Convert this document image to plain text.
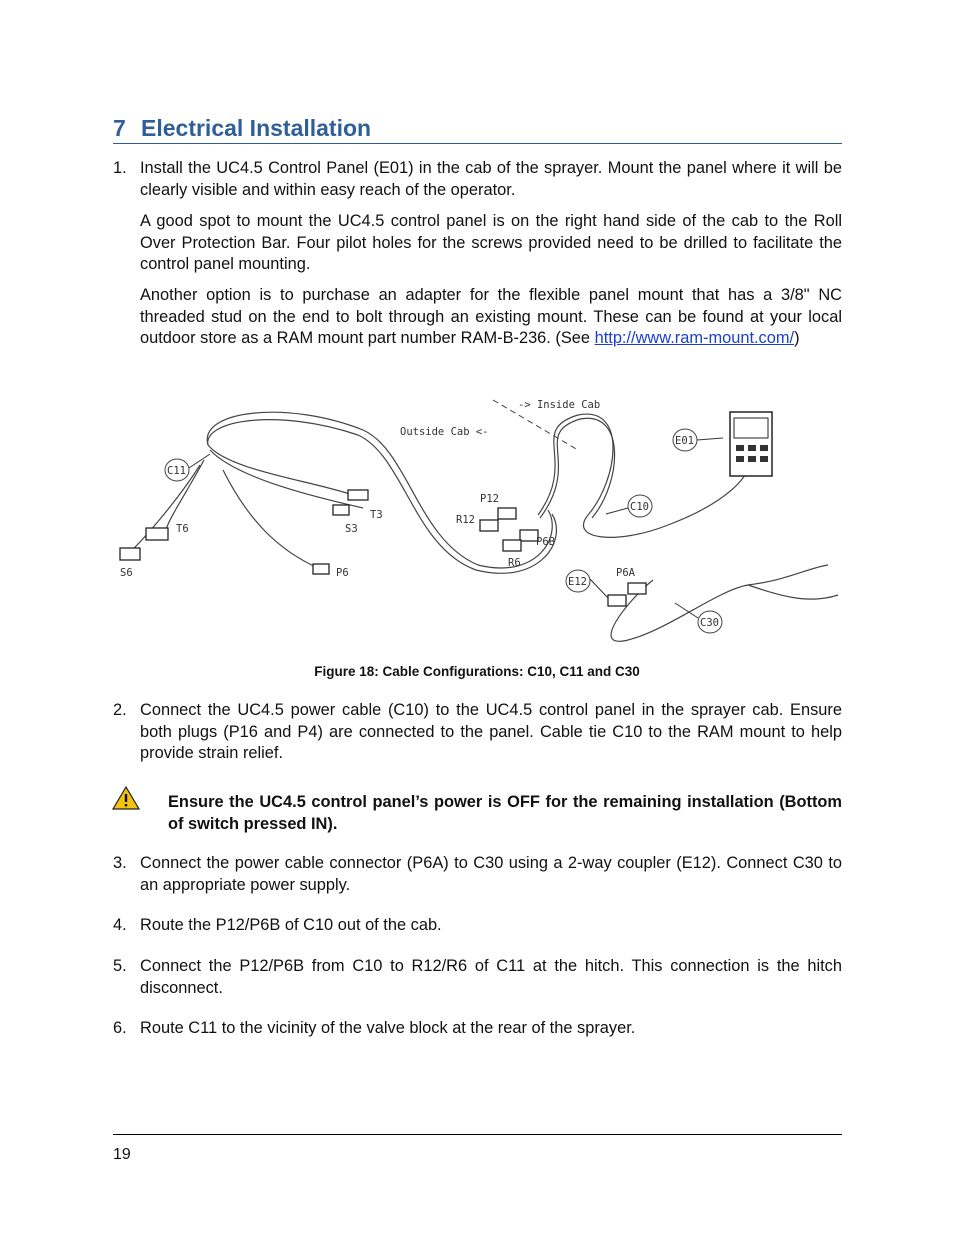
7 Electrical Installation
1. Install the UC4.5 Control Panel (E01) in the cab of the sprayer. Mount the panel where it will be clearly visible and within easy reach of the operator.

A good spot to mount the UC4.5 control panel is on the right hand side of the cab to the Roll Over Protection Bar. Four pilot holes for the screws provided need to be drilled to facilitate the control panel mounting.

Another option is to purchase an adapter for the flexible panel mount that has a 3/8" NC threaded stud on the end to bolt through an existing mount. These can be found at your local outdoor store as a RAM mount part number RAM-B-236. (See http://www.ram-mount.com/)

-> Inside Cab
Outside Cab <-
E01
C11
C10
C30
E12
T6
T3
S3
S6	P6
P12
R12
P6B
R6
P6A
Figure 18: Cable Configurations: C10, C11 and C30
2. Connect the UC4.5 power cable (C10) to the UC4.5 control panel in the sprayer cab. Ensure both plugs (P16 and P4) are connected to the panel. Cable tie C10 to the RAM mount to help provide strain relief.

Ensure the UC4.5 control panel’s power is OFF for the remaining installation (Bottom of switch pressed IN).

3. Connect the power cable connector (P6A) to C30 using a 2-way coupler (E12). Connect C30 to an appropriate power supply.

4. Route the P12/P6B of C10 out of the cab.

5. Connect the P12/P6B from C10 to R12/R6 of C11 at the hitch. This connection is the hitch disconnect.

6. Route C11 to the vicinity of the valve block at the rear of the sprayer.

19
